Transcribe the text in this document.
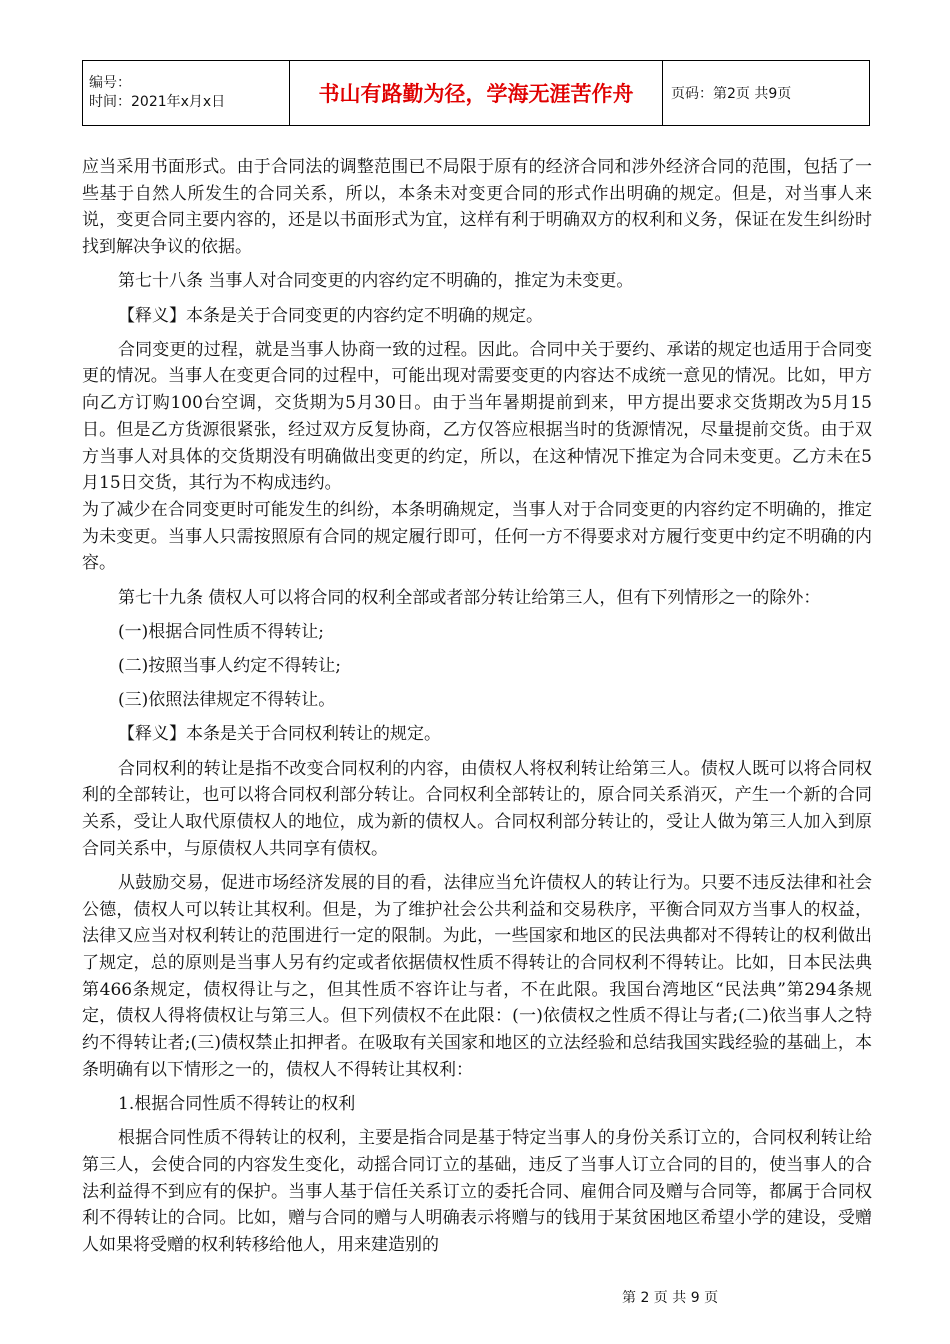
编号：
时间：2021年x月x日	书山有路勤为径，学海无涯苦作舟	页码：第2页 共9页

应当采用书面形式。由于合同法的调整范围已不局限于原有的经济合同和涉外经济合同的范围，包括了一些基于自然人所发生的合同关系，所以，本条未对变更合同的形式作出明确的规定。但是，对当事人来说，变更合同主要内容的，还是以书面形式为宜，这样有利于明确双方的权利和义务，保证在发生纠纷时找到解决争议的依据。

第七十八条 当事人对合同变更的内容约定不明确的，推定为未变更。

【释义】本条是关于合同变更的内容约定不明确的规定。

合同变更的过程，就是当事人协商一致的过程。因此。合同中关于要约、承诺的规定也适用于合同变更的情况。当事人在变更合同的过程中，可能出现对需要变更的内容达不成统一意见的情况。比如，甲方向乙方订购100台空调，交货期为5月30日。由于当年暑期提前到来，甲方提出要求交货期改为5月15日。但是乙方货源很紧张，经过双方反复协商，乙方仅答应根据当时的货源情况，尽量提前交货。由于双方当事人对具体的交货期没有明确做出变更的约定，所以，在这种情况下推定为合同未变更。乙方未在5月15日交货，其行为不构成违约。

为了减少在合同变更时可能发生的纠纷，本条明确规定，当事人对于合同变更的内容约定不明确的，推定为未变更。当事人只需按照原有合同的规定履行即可，任何一方不得要求对方履行变更中约定不明确的内容。

第七十九条 债权人可以将合同的权利全部或者部分转让给第三人，但有下列情形之一的除外：

(一)根据合同性质不得转让;

(二)按照当事人约定不得转让;

(三)依照法律规定不得转让。

【释义】本条是关于合同权利转让的规定。

合同权利的转让是指不改变合同权利的内容，由债权人将权利转让给第三人。债权人既可以将合同权利的全部转让，也可以将合同权利部分转让。合同权利全部转让的，原合同关系消灭，产生一个新的合同关系，受让人取代原债权人的地位，成为新的债权人。合同权利部分转让的，受让人做为第三人加入到原合同关系中，与原债权人共同享有债权。

从鼓励交易，促进市场经济发展的目的看，法律应当允许债权人的转让行为。只要不违反法律和社会公德，债权人可以转让其权利。但是，为了维护社会公共利益和交易秩序，平衡合同双方当事人的权益，法律又应当对权利转让的范围进行一定的限制。为此，一些国家和地区的民法典都对不得转让的权利做出了规定，总的原则是当事人另有约定或者依据债权性质不得转让的合同权利不得转让。比如，日本民法典第466条规定，债权得让与之，但其性质不容许让与者，不在此限。我国台湾地区“民法典”第294条规定，债权人得将债权让与第三人。但下列债权不在此限：(一)依债权之性质不得让与者;(二)依当事人之特约不得转让者;(三)债权禁止扣押者。在吸取有关国家和地区的立法经验和总结我国实践经验的基础上，本条明确有以下情形之一的，债权人不得转让其权利：

1.根据合同性质不得转让的权利

根据合同性质不得转让的权利，主要是指合同是基于特定当事人的身份关系订立的，合同权利转让给第三人，会使合同的内容发生变化，动摇合同订立的基础，违反了当事人订立合同的目的，使当事人的合法利益得不到应有的保护。当事人基于信任关系订立的委托合同、雇佣合同及赠与合同等，都属于合同权利不得转让的合同。比如，赠与合同的赠与人明确表示将赠与的钱用于某贫困地区希望小学的建设，受赠人如果将受赠的权利转移给他人，用来建造别的

第 2 页 共 9 页
